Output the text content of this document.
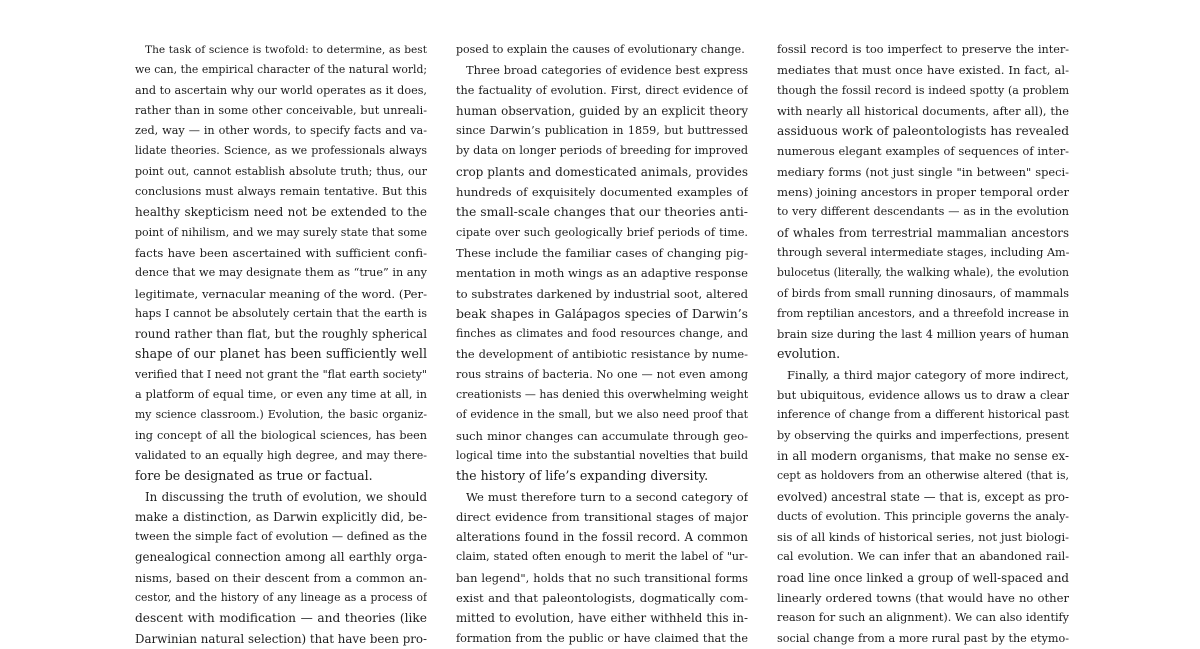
The task of science is twofold: to determine, as best
we can, the empirical character of the natural world;
and to ascertain why our world operates as it does,
rather than in some other conceivable, but unreali-
zed, way — in other words, to specify facts and va-
lidate theories. Science, as we professionals always
point out, cannot establish absolute truth; thus, our
conclusions must always remain tentative. But this
healthy skepticism need not be extended to the
point of nihilism, and we may surely state that some
facts have been ascertained with sufficient confi-
dence that we may designate them as “true” in any
legitimate, vernacular meaning of the word. (Per-
haps I cannot be absolutely certain that the earth is
round rather than flat, but the roughly spherical
shape of our planet has been sufficiently well
verified that I need not grant the "flat earth society"
a platform of equal time, or even any time at all, in
my science classroom.) Evolution, the basic organiz-
ing concept of all the biological sciences, has been
validated to an equally high degree, and may there-
fore be designated as true or factual.
In discussing the truth of evolution, we should
make a distinction, as Darwin explicitly did, be-
tween the simple fact of evolution — defined as the
genealogical connection among all earthly orga-
nisms, based on their descent from a common an-
cestor, and the history of any lineage as a process of
descent with modification — and theories (like
Darwinian natural selection) that have been pro-
posed to explain the causes of evolutionary change.
Three broad categories of evidence best express
the factuality of evolution. First, direct evidence of
human observation, guided by an explicit theory
since Darwin’s publication in 1859, but buttressed
by data on longer periods of breeding for improved
crop plants and domesticated animals, provides
hundreds of exquisitely documented examples of
the small-scale changes that our theories anti-
cipate over such geologically brief periods of time.
These include the familiar cases of changing pig-
mentation in moth wings as an adaptive response
to substrates darkened by industrial soot, altered
beak shapes in Galápagos species of Darwin’s
finches as climates and food resources change, and
the development of antibiotic resistance by nume-
rous strains of bacteria. No one — not even among
creationists — has denied this overwhelming weight
of evidence in the small, but we also need proof that
such minor changes can accumulate through geo-
logical time into the substantial novelties that build
the history of life’s expanding diversity.
We must therefore turn to a second category of
direct evidence from transitional stages of major
alterations found in the fossil record. A common
claim, stated often enough to merit the label of "ur-
ban legend", holds that no such transitional forms
exist and that paleontologists, dogmatically com-
mitted to evolution, have either withheld this in-
formation from the public or have claimed that the
fossil record is too imperfect to preserve the inter-
mediates that must once have existed. In fact, al-
though the fossil record is indeed spotty (a problem
with nearly all historical documents, after all), the
assiduous work of paleontologists has revealed
numerous elegant examples of sequences of inter-
mediary forms (not just single "in between" speci-
mens) joining ancestors in proper temporal order
to very different descendants — as in the evolution
of whales from terrestrial mammalian ancestors
through several intermediate stages, including Am-
bulocetus (literally, the walking whale), the evolution
of birds from small running dinosaurs, of mammals
from reptilian ancestors, and a threefold increase in
brain size during the last 4 million years of human
evolution.
Finally, a third major category of more indirect,
but ubiquitous, evidence allows us to draw a clear
inference of change from a different historical past
by observing the quirks and imperfections, present
in all modern organisms, that make no sense ex-
cept as holdovers from an otherwise altered (that is,
evolved) ancestral state — that is, except as pro-
ducts of evolution. This principle governs the analy-
sis of all kinds of historical series, not just biologi-
cal evolution. We can infer that an abandoned rail-
road line once linked a group of well-spaced and
linearly ordered towns (that would have no other
reason for such an alignment). We can also identify
social change from a more rural past by the etymo-
